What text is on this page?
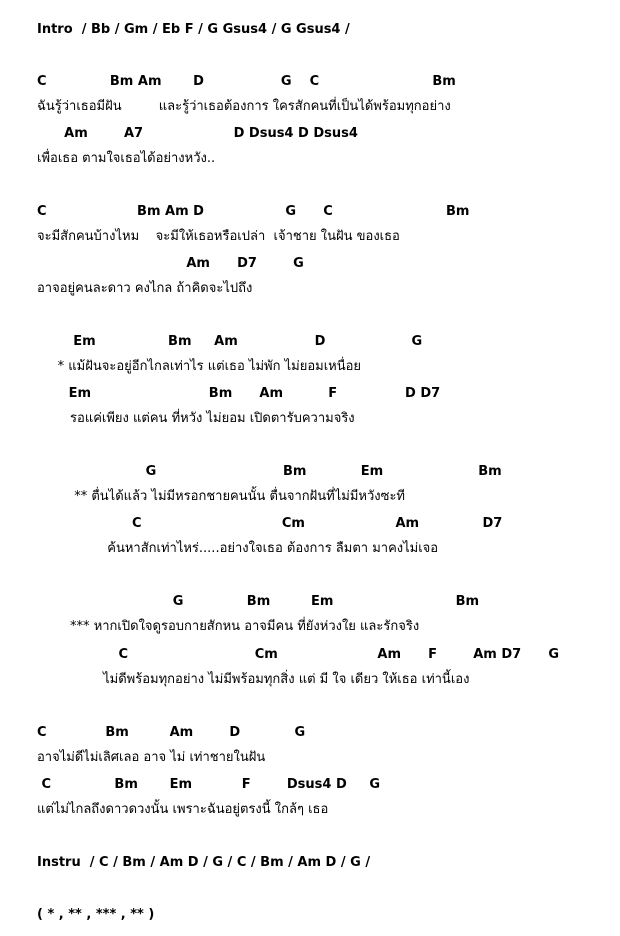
Intro  / Bb / Gm / Eb F / G Gsus4 / G Gsus4 /
C              Bm Am       D                 G    C                         Bm
ฉันรู้ว่าเธอมีฝัน         และรู้ว่าเธอต้องการ ใครสักคนที่เป็นได้พร้อมทุกอย่าง
Am        A7                    D Dsus4 D Dsus4
เพื่อเธอ ตามใจเธอได้อย่างหวัง..
C                    Bm Am D                  G      C                         Bm
จะมีสักคนบ้างไหม    จะมีให้เธอหรือเปล่า  เจ้าชาย ในฝัน ของเธอ
Am      D7        G
อาจอยู่คนละดาว คงไกล ถ้าคิดจะไปถึง
Em                Bm     Am                 D                   G
* แม้ฝันจะอยู่อีกไกลเท่าไร แต่เธอ ไม่พัก ไม่ยอมเหนื่อย
Em                          Bm      Am          F               D D7
รอแค่เพียง แต่คน ที่หวัง ไม่ยอม เปิดตารับความจริง
G                            Bm            Em                     Bm
** ตื่นได้แล้ว ไม่มีหรอกชายคนนั้น ตื่นจากฝันที่ไม่มีหวังซะที
C                               Cm                    Am              D7
ค้นหาสักเท่าไหร่.....อย่างใจเธอ ต้องการ ลืมตา มาคงไม่เจอ
G              Bm         Em                           Bm
*** หากเปิดใจดูรอบกายสักหน อาจมีคน ที่ยังห่วงใย และรักจริง
C                            Cm                      Am      F        Am D7      G
ไม่ดีพร้อมทุกอย่าง ไม่มีพร้อมทุกสิ่ง แต่ มี ใจ เดียว ให้เธอ เท่านี้เอง
C             Bm         Am        D            G
อาจไม่ดีไม่เลิศเลอ อาจ ไม่ เท่าชายในฝัน
C              Bm       Em           F        Dsus4 D     G
แต่ไม่ไกลถึงดาวดวงนั้น เพราะฉันอยู่ตรงนี้ ใกล้ๆ เธอ
Instru  / C / Bm / Am D / G / C / Bm / Am D / G /
( * , ** , *** , ** )
